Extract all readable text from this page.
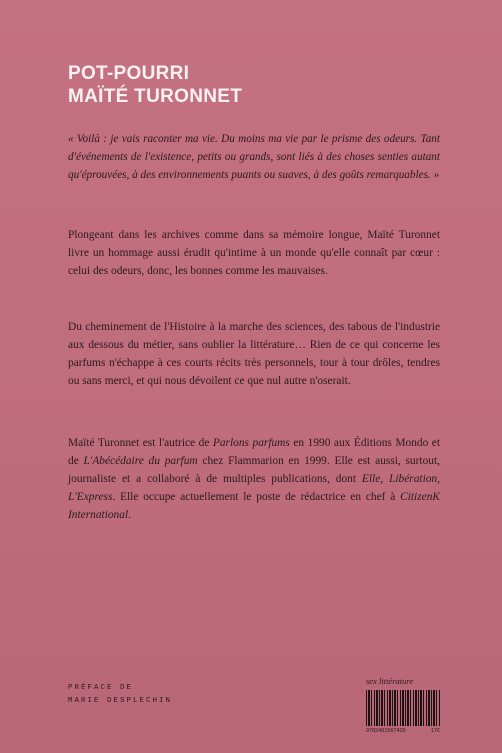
POT-POURRI
MAÏTÉ TURONNET
« Voilà : je vais raconter ma vie. Du moins ma vie par le prisme des odeurs. Tant d'événements de l'existence, petits ou grands, sont liés à des choses senties autant qu'éprouvées, à des environnements puants ou suaves, à des goûts remarquables. »
Plongeant dans les archives comme dans sa mémoire longue, Maïté Turonnet livre un hommage aussi érudit qu'intime à un monde qu'elle connaît par cœur : celui des odeurs, donc, les bonnes comme les mauvaises.
Du cheminement de l'Histoire à la marche des sciences, des tabous de l'industrie aux dessous du métier, sans oublier la littérature… Rien de ce qui concerne les parfums n'échappe à ces courts récits très personnels, tour à tour drôles, tendres ou sans merci, et qui nous dévoilent ce que nul autre n'oserait.
Maïté Turonnet est l'autrice de Parlons parfums en 1990 aux Éditions Mondo et de L'Abécédaire du parfum chez Flammarion en 1999. Elle est aussi, surtout, journaliste et a collaboré à de multiples publications, dont Elle, Libération, L'Express. Elle occupe actuellement le poste de rédactrice en chef à CitizenK International.
PRÉFACE DE
MARIE DESPLECHIN
sex littérature
9782491567435	17€
